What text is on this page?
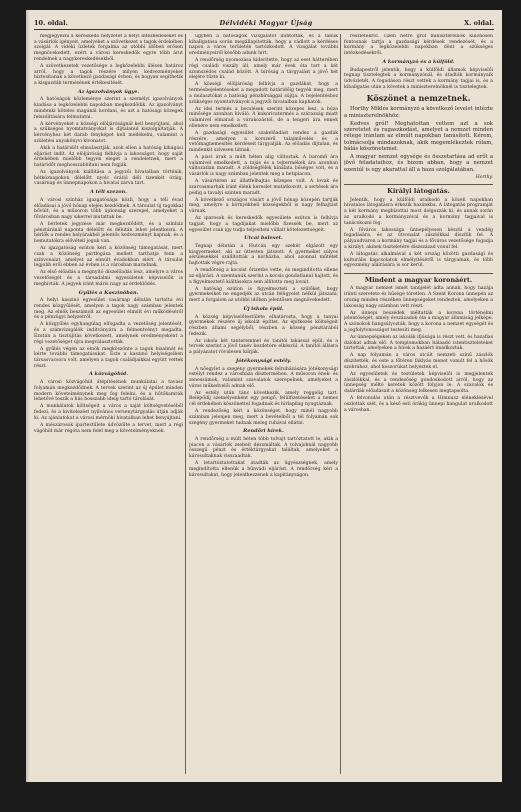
10. oldal.	Délvidéki Magyar Újság	X. oldal.

megjegyezni a kereskedő helyzetét a helyi intézkedéseket és a vásárlók igényeit, amelyeket a szövetkezet a tagok érdekében szolgál. A vidéki üzletek forgalma az utóbbi időben erősen megnövekedett, ezért a városi kereskedők egyre több árut rendelnek a nagykereskedésekből.

A szövetkezetek vezetősége a legközelebbi ülésen határoz arról, hogy a tagok részére milyen kedvezményeket biztosítanak a következő gazdasági évben, és hogyan segíthetik a kisgazdák termésének értékesítését.

Az igazolványok ügye.

A hatóságok közleménye szerint a személyi igazolványok kiadása a legközelebbi napokban megkezdődik. Az igazolványt mindenki köteles magánál hordani, és azt a hatósági közegek felszólítására felmutatni.

A kérvényeket a községi elöljáróságnál kell benyújtani, ahol a szükséges nyomtatványokat is díjtalanul kiszolgáltatják. A kérvényhez két darab fényképet kell mellékelni, valamint a születési anyakönyvi kivonatot.

Akik a határidőt elmulasztják, azok ellen a hatóság kihágási eljárást indít. Az elöljáróság felhívja a lakosságot, hogy saját érdekében mielőbb tegyen eleget a rendeletnek, mert a határidőt meghosszabbítani nem fogják.

Az igazolványok kiállítása a jegyzői hivatalban történik, hétköznapokon délelőtt nyolc órától déli tizenkét óráig, vasárnap és ünnepnapokon a hivatal zárva tart.

A téli szezon.

A városi színház igazgatósága közli, hogy a téli évad előadásai a jövő hónap elején kezdődnek. A társulat új tagokkal bővült, és a műsoron több újdonság szerepel, amelyeket a fővárosban nagy sikerrel mutattak be.

A bérletek jegyzése már megkezdődött, és a színház pénztáránál naponta délelőtt és délután lehet jelentkezni. A bérlők a rendes helyárakból jelentős kedvezményt kapnak, és a bemutatókra elővételi joguk van.

Az igazgatóság ezúton kéri a közönség támogatását, mert csak a közönség pártfogása mellett tarthatja fenn a színvonalat, amelyet az elmúlt évadokban elért. A társulat legjobb erői ebben az évben is a városban maradnak.

Az első előadás a megnyitó díszelőadás lesz, amelyre a város vezetőségét és a társadalmi egyesületek képviselőit is meghívták. A jegyek iránt máris nagy az érdeklődés.

Gyűlés a Kaszinóban.

A helyi kaszinó egyesület vasárnap délután tartotta évi rendes közgyűlését, amelyen a tagok nagy számban jelentek meg. Az elnök beszámolt az egyesület elmúlt évi működéséről és a pénzügyi helyzetről.

A közgyűlés egyhangúlag elfogadta a vezetőség jelentését, és a számvizsgálók indítványára a felmentvényt megadta. Ezután a tisztújítás következett, amelynek eredményeként a régi vezetőséget újra megválasztották.

A gyűlés végén az elnök megköszönte a tagok bizalmát és kérte további támogatásukat. Este a kaszinó helyiségeiben társasvacsora volt, amelyen a tagok családjaikkal együtt vettek részt.

A közvágóhíd.

A városi közvágóhíd átépítésének munkálatai a tavasz folyamán megkezdődnek. A tervek szerint az új épület minden modern követelménynek meg fog felelni, és a hűtőkamrák lehetővé teszik a hús hosszabb ideig tartó tárolását.

A munkálatok költségeit a város a saját költségvetéséből fedezi, és a kivitelezést nyilvános versenytárgyalás útján adják ki. Az ajánlatokat a városi mérnöki hivatalban lehet benyújtani.

A mészárosok ipartestülete üdvözölte a tervet, mert a régi vágóhíd már régóta nem felel meg a követelményeknek.

ügyben a hatóságok vizsgálatot indítottak, és a tanúk kihallgatása során megállapították, hogy a vádlott a kérdéses napon a város területén tartózkodott. A vizsgálat további eredményeiről később adunk hírt.

A rendőrség nyomozása kiderítette, hogy az eset hátterében régi családi viszály áll, amely már évek óta tart a két szomszédos család között. A bíróság a tárgyalást a jövő hét elejére tűzte ki.

A községi elöljáróság felhívja a gazdákat, hogy a termésbejelentéseket a megadott határidőig tegyék meg, mert a mulasztókat a hatóság pénzbírsággal sújtja. A bejelentéshez szükséges nyomtatványok a jegyzői hivatalban kaphatók.

Az idei termés a becslések szerint közepes lesz, a búza minősége azonban kiváló. A kukoricatermés a szárazság miatt valamivel elmarad a várakozástól, de a tengeri ára ennek ellenére nem emelkedett.

A gazdasági egyesület szakelőadást rendez a gazdák részére, amelyen a korszerű talajművelés és a vetőmagnemesítés kérdéseit tárgyalják. Az előadás díjtalan, és mindenkit szívesen látnak.

A piaci árak a múlt héten alig változtak. A baromfi ára valamivel emelkedett, a tojás és a tejtermékek ára azonban változatlan maradt. A zöldségfélék kínálata bőséges volt, és a vásárlók is nagy számban jelentek meg a hetipiacon.

A vásártéren az állatfelhajtás közepes volt. A lovak és szarvasmarhák iránt élénk kereslet mutatkozott, a sertések ára pedig a tavalyi szinten maradt.

A következő országos vásárt a jövő hónap közepén tartják meg, amelyre a környékbeli községekből is nagy felhajtást várnak.

Az iparosok és kereskedők egyesülete ezúton is felhívja tagjait, hogy a tagdíjakat mielőbb fizessék be, mert az egyesület csak így tudja teljesíteni vállalt kötelezettségeit.

Utcai baleset.

Tegnap délután a főutcán egy szekér elgázolt egy kisgyermeket, aki az úttesten játszott. A gyermeket súlyos sérülésekkel szállították a kórházba, ahol azonnal műtétet hajtottak végre rajta.

A rendőrség a kocsist őrizetbe vette, és megindította ellene az eljárást. A szemtanúk szerint a kocsis gondatlanul hajtott, és a figyelmeztető kiáltásokra sem állította meg lovait.

A hatóság ezúton is figyelmezteti a szülőket, hogy gyermekeiket ne engedjék az utcán felügyelet nélkül játszani, mert a forgalom az utóbbi időben jelentősen megnövekedett.

Új iskola épül.

A község képviselőtestülete elhatározta, hogy a tanyai gyermekek részére új iskolát építtet. Az építkezés költségeit részben állami segélyből, részben a község pénztárából fedezik.

Az iskola két tanteremmel és tanítói lakással épül, és a tervek szerint a jövő tanév kezdetére elkészül. A tanítói állásra a pályázatot rövidesen kiírják.

Jótékonysági estély.

A nőegylet a szegény gyermekek felruházására jótékonysági estélyt rendez a városháza dísztermében. A műsoron ének- és zeneszámok, valamint szavalatok szerepelnek, amelyeket a város műkedvelői adnak elő.

Az estély után tánc következik, amely reggelig tart. Belépődíj személyenként egy pengő, felülfizetéseket a nemes cél érdekében köszönettel fogadnak és hírlapilag nyugtáznak.

A rendezőség kéri a közönséget, hogy minél nagyobb számban jelenjen meg, mert a bevételből a tél folyamán sok szegény gyermeket tudnak meleg ruhával ellátni.

Rendőri hírek.

A rendőrség a múlt héten több tolvajt tartóztatott le, akik a piacon a vásárlók zsebeit dézsmálták. A tolvajoknál nagyobb összegű pénzt és értéktárgyakat találtak, amelyeket a károsultaknak visszaadtak.

A letartóztatottakat átadták az ügyészségnek, amely megindította ellenük a bűnvádi eljárást. A rendőrség kéri a károsultakat, hogy jelentkezzenek a kapitányságon.

részletekről. Tizen hétre gróf miniszterelnök különösen fontosnak tartja a gazdasági kérdések rendezését, és a kormány a legközelebbi napokban dönt a szükséges intézkedésekről.

A kormányzó és a külföld.

Budapestről jelentik, hogy a külföldi államok képviselői tegnap tisztelegtek a kormányzónál, és átadták kormányaik üdvözletét. A fogadáson részt vettek a kormány tagjai is, és a kihallgatás után a követek a miniszterelnöknél is tisztelegtek.

Köszönet a nemzetnek.

Horthy Miklós kormányzó a következő levelet intézte a miniszterelnökhöz:

Kedves gróf! Meghatottan vettem azt a sok szeretetet és ragaszkodást, amelyet a nemzet minden rétege irántam az elmúlt napokban tanúsított. Kérem, tolmácsolja mindazoknak, akik megemlékeztek rólam, hálás köszönetemet.

A magyar nemzet egysége és összetartása ad erőt a jövő feladataihoz, és bízom abban, hogy a nemzet ezentúl is egy akarattal áll a haza szolgálatában.

Horthy.

Királyi látogatás.

Jelentik, hogy a külföldi uralkodó a közeli napokban hivatalos látogatásra érkezik hazánkba. A látogatás programját a két kormány megbízottai most dolgozzák ki, és annak során az uralkodó a kormányzóval és a kormány tagjaival is tanácskozni fog.

A főváros lakossága ünnepélyesen készül a vendég fogadására, és az útvonalat zászlókkal díszítik fel. A pályaudvaron a kormány tagjai és a főváros vezetősége fogadja a királyt, akinek tiszteletére díszszázad vonul fel.

A látogatás alkalmával a két ország közötti gazdasági és kulturális kapcsolatok elmélyítéséről is tárgyalnak, és több egyezmény aláírására is sor kerül.

Mindent a magyar koronáért.

A magyar nemzet ismét tanújelét adta annak, hogy hazája iránti szeretete és hűsége töretlen. A Szent Korona ünnepén az ország minden részében ünnepségeket rendeztek, amelyeken a lakosság nagy számban vett részt.

Az ünnepi beszédek méltatták a korona történelmi jelentőségét, amely évszázadok óta a magyar államiság jelképe. A szónokok hangsúlyozták, hogy a korona a nemzet egységét és a jogfolytonosságot testesíti meg.

Az ünnepségeken az iskolák ifjúsága is részt vett, és hazafias dalokat adtak elő. A templomokban hálaadó istentiszteleteket tartottak, amelyeken a hívek a hazáért imádkoztak.

A nap folyamán a város utcáit nemzeti színű zászlók díszítették, és este a főtéren fáklyás menet vonult fel a hősök szobrához, ahol koszorúkat helyeztek el.

Az egyesületek és testületek képviselői is megjelentek zászlóikkal, és a rendezőség gondoskodott arról, hogy az ünnepség méltó keretek között folyjon le. A szavalók és dalárdák előadásait a közönség lelkesen megtapsolta.

A felvonulás után a résztvevők a Himnusz eléneklésével oszlottak szét, és a késő esti órákig ünnepi hangulat uralkodott a városban.
